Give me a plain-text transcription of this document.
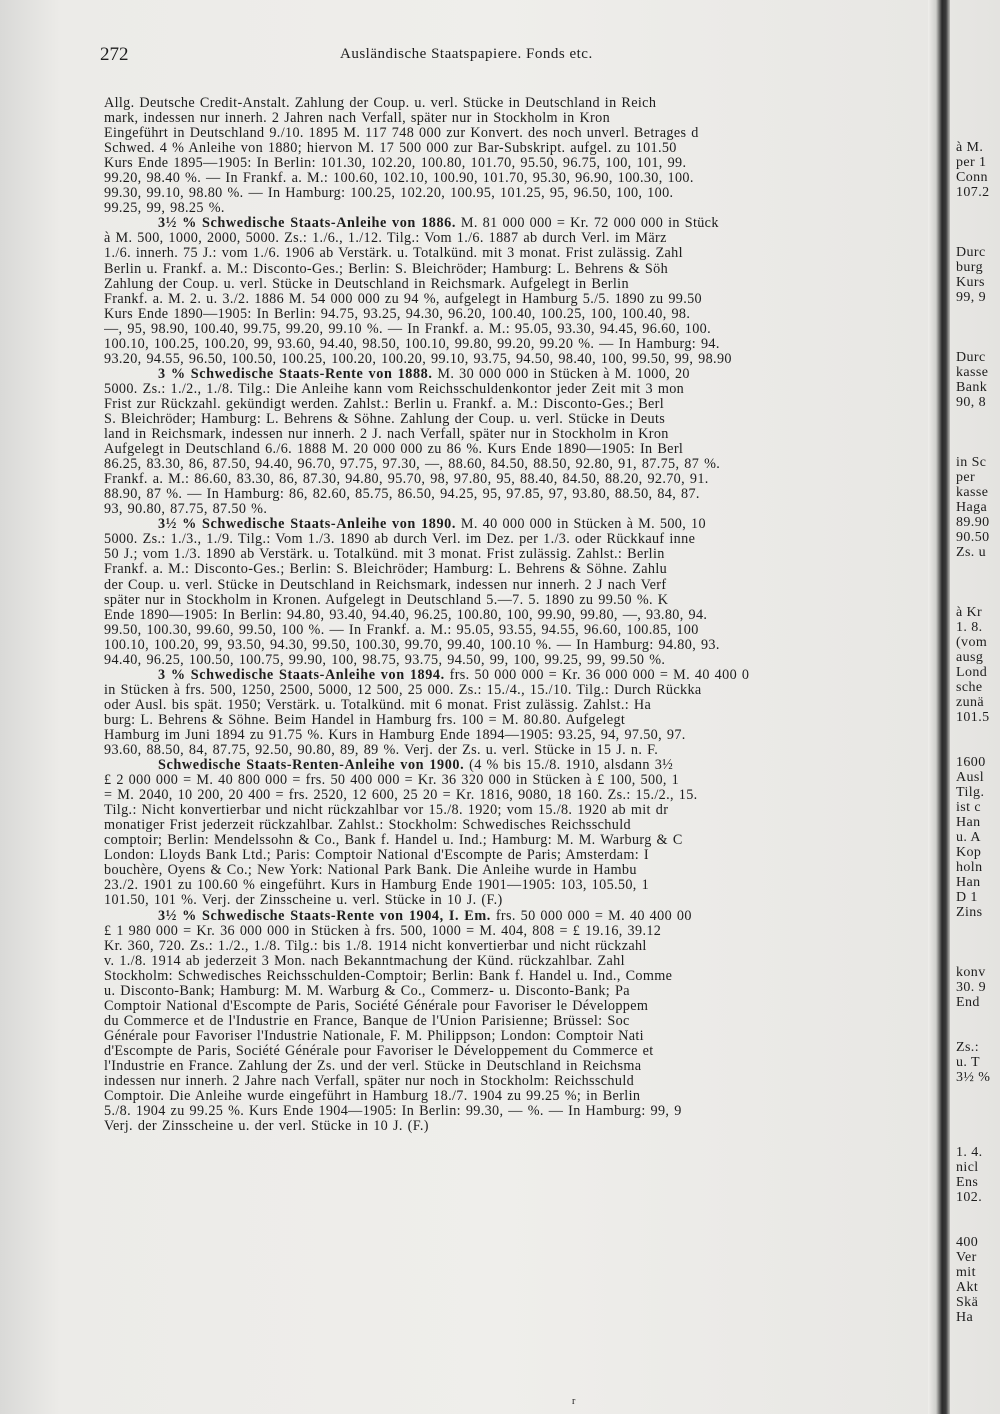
272	Ausländische Staatspapiere. Fonds etc.
Allg. Deutsche Credit-Anstalt. Zahlung der Coup. u. verl. Stücke in Deutschland in Reich
mark, indessen nur innerh. 2 Jahren nach Verfall, später nur in Stockholm in Kron
Eingeführt in Deutschland 9./10. 1895 M. 117 748 000 zur Konvert. des noch unverl. Betrages d
Schwed. 4 % Anleihe von 1880; hiervon M. 17 500 000 zur Bar-Subskript. aufgel. zu 101.50
Kurs Ende 1895—1905: In Berlin: 101.30, 102.20, 100.80, 101.70, 95.50, 96.75, 100, 101, 99.
99.20, 98.40 %. — In Frankf. a. M.: 100.60, 102.10, 100.90, 101.70, 95.30, 96.90, 100.30, 100.
99.30, 99.10, 98.80 %. — In Hamburg: 100.25, 102.20, 100.95, 101.25, 95, 96.50, 100, 100.
99.25, 99, 98.25 %.
3½ % Schwedische Staats-Anleihe von 1886. M. 81 000 000 = Kr. 72 000 000 in Stück
à M. 500, 1000, 2000, 5000. Zs.: 1./6., 1./12. Tilg.: Vom 1./6. 1887 ab durch Verl. im März
1./6. innerh. 75 J.: vom 1./6. 1906 ab Verstärk. u. Totalkünd. mit 3 monat. Frist zulässig. Zahl
Berlin u. Frankf. a. M.: Disconto-Ges.; Berlin: S. Bleichröder; Hamburg: L. Behrens & Söh
Zahlung der Coup. u. verl. Stücke in Deutschland in Reichsmark. Aufgelegt in Berlin
Frankf. a. M. 2. u. 3./2. 1886 M. 54 000 000 zu 94 %, aufgelegt in Hamburg 5./5. 1890 zu 99.50
Kurs Ende 1890—1905: In Berlin: 94.75, 93.25, 94.30, 96.20, 100.40, 100.25, 100, 100.40, 98.
—, 95, 98.90, 100.40, 99.75, 99.20, 99.10 %. — In Frankf. a. M.: 95.05, 93.30, 94.45, 96.60, 100.
100.10, 100.25, 100.20, 99, 93.60, 94.40, 98.50, 100.10, 99.80, 99.20, 99.20 %. — In Hamburg: 94.
93.20, 94.55, 96.50, 100.50, 100.25, 100.20, 100.20, 99.10, 93.75, 94.50, 98.40, 100, 99.50, 99, 98.90
3 % Schwedische Staats-Rente von 1888. M. 30 000 000 in Stücken à M. 1000, 20
5000. Zs.: 1./2., 1./8. Tilg.: Die Anleihe kann vom Reichsschuldenkontor jeder Zeit mit 3 mon
Frist zur Rückzahl. gekündigt werden. Zahlst.: Berlin u. Frankf. a. M.: Disconto-Ges.; Berl
S. Bleichröder; Hamburg: L. Behrens & Söhne. Zahlung der Coup. u. verl. Stücke in Deuts
land in Reichsmark, indessen nur innerh. 2 J. nach Verfall, später nur in Stockholm in Kron
Aufgelegt in Deutschland 6./6. 1888 M. 20 000 000 zu 86 %. Kurs Ende 1890—1905: In Berl
86.25, 83.30, 86, 87.50, 94.40, 96.70, 97.75, 97.30, —, 88.60, 84.50, 88.50, 92.80, 91, 87.75, 87 %.
Frankf. a. M.: 86.60, 83.30, 86, 87.30, 94.80, 95.70, 98, 97.80, 95, 88.40, 84.50, 88.20, 92.70, 91.
88.90, 87 %. — In Hamburg: 86, 82.60, 85.75, 86.50, 94.25, 95, 97.85, 97, 93.80, 88.50, 84, 87.
93, 90.80, 87.75, 87.50 %.
3½ % Schwedische Staats-Anleihe von 1890. M. 40 000 000 in Stücken à M. 500, 10
5000. Zs.: 1./3., 1./9. Tilg.: Vom 1./3. 1890 ab durch Verl. im Dez. per 1./3. oder Rückkauf inne
50 J.; vom 1./3. 1890 ab Verstärk. u. Totalkünd. mit 3 monat. Frist zulässig. Zahlst.: Berlin
Frankf. a. M.: Disconto-Ges.; Berlin: S. Bleichröder; Hamburg: L. Behrens & Söhne. Zahlu
der Coup. u. verl. Stücke in Deutschland in Reichsmark, indessen nur innerh. 2 J nach Verf
später nur in Stockholm in Kronen. Aufgelegt in Deutschland 5.—7. 5. 1890 zu 99.50 %. K
Ende 1890—1905: In Berlin: 94.80, 93.40, 94.40, 96.25, 100.80, 100, 99.90, 99.80, —, 93.80, 94.
99.50, 100.30, 99.60, 99.50, 100 %. — In Frankf. a. M.: 95.05, 93.55, 94.55, 96.60, 100.85, 100
100.10, 100.20, 99, 93.50, 94.30, 99.50, 100.30, 99.70, 99.40, 100.10 %. — In Hamburg: 94.80, 93.
94.40, 96.25, 100.50, 100.75, 99.90, 100, 98.75, 93.75, 94.50, 99, 100, 99.25, 99, 99.50 %.
3 % Schwedische Staats-Anleihe von 1894. frs. 50 000 000 = Kr. 36 000 000 = M. 40 400 0
in Stücken à frs. 500, 1250, 2500, 5000, 12 500, 25 000. Zs.: 15./4., 15./10. Tilg.: Durch Rückka
oder Ausl. bis spät. 1950; Verstärk. u. Totalkünd. mit 6 monat. Frist zulässig. Zahlst.: Ha
burg: L. Behrens & Söhne. Beim Handel in Hamburg frs. 100 = M. 80.80. Aufgelegt
Hamburg im Juni 1894 zu 91.75 %. Kurs in Hamburg Ende 1894—1905: 93.25, 94, 97.50, 97.
93.60, 88.50, 84, 87.75, 92.50, 90.80, 89, 89 %. Verj. der Zs. u. verl. Stücke in 15 J. n. F.
Schwedische Staats-Renten-Anleihe von 1900. (4 % bis 15./8. 1910, alsdann 3½
£ 2 000 000 = M. 40 800 000 = frs. 50 400 000 = Kr. 36 320 000 in Stücken à £ 100, 500, 1
= M. 2040, 10 200, 20 400 = frs. 2520, 12 600, 25 20 = Kr. 1816, 9080, 18 160. Zs.: 15./2., 15.
Tilg.: Nicht konvertierbar und nicht rückzahlbar vor 15./8. 1920; vom 15./8. 1920 ab mit dr
monatiger Frist jederzeit rückzahlbar. Zahlst.: Stockholm: Schwedisches Reichsschuld
comptoir; Berlin: Mendelssohn & Co., Bank f. Handel u. Ind.; Hamburg: M. M. Warburg & C
London: Lloyds Bank Ltd.; Paris: Comptoir National d'Escompte de Paris; Amsterdam: I
bouchère, Oyens & Co.; New York: National Park Bank. Die Anleihe wurde in Hambu
23./2. 1901 zu 100.60 % eingeführt. Kurs in Hamburg Ende 1901—1905: 103, 105.50, 1
101.50, 101 %. Verj. der Zinsscheine u. verl. Stücke in 10 J. (F.)
3½ % Schwedische Staats-Rente von 1904, I. Em. frs. 50 000 000 = M. 40 400 00
£ 1 980 000 = Kr. 36 000 000 in Stücken à frs. 500, 1000 = M. 404, 808 = £ 19.16, 39.12
Kr. 360, 720. Zs.: 1./2., 1./8. Tilg.: bis 1./8. 1914 nicht konvertierbar und nicht rückzahl
v. 1./8. 1914 ab jederzeit 3 Mon. nach Bekanntmachung der Künd. rückzahlbar. Zahl
Stockholm: Schwedisches Reichsschulden-Comptoir; Berlin: Bank f. Handel u. Ind., Comme
u. Disconto-Bank; Hamburg: M. M. Warburg & Co., Commerz- u. Disconto-Bank; Pa
Comptoir National d'Escompte de Paris, Société Générale pour Favoriser le Développem
du Commerce et de l'Industrie en France, Banque de l'Union Parisienne; Brüssel: Soc
Générale pour Favoriser l'Industrie Nationale, F. M. Philippson; London: Comptoir Nati
d'Escompte de Paris, Société Générale pour Favoriser le Développement du Commerce et
l'Industrie en France. Zahlung der Zs. und der verl. Stücke in Deutschland in Reichsma
indessen nur innerh. 2 Jahre nach Verfall, später nur noch in Stockholm: Reichsschuld
Comptoir. Die Anleihe wurde eingeführt in Hamburg 18./7. 1904 zu 99.25 %; in Berlin
5./8. 1904 zu 99.25 %. Kurs Ende 1904—1905: In Berlin: 99.30, — %. — In Hamburg: 99, 9
Verj. der Zinsscheine u. der verl. Stücke in 10 J. (F.)
à M.
per 1
Conn
107.2
Durc
burg
Kurs
99, 9
Durc
kasse
Bank
90, 8
in Sc
per
kasse
Haga
89.90
90.50
Zs. u
à Kr
1. 8.
(vom
ausg
Lond
sche
zunä
101.5
1600
Ausl
Tilg.
ist c
Han
u. A
Kop
holn
Han
D 1
Zins
konv
30. 9
End
Zs.:
u. T
3½ %
1. 4.
nicl
Ens
102.
400
Ver
mit
Akt
Skä
Ha
r
